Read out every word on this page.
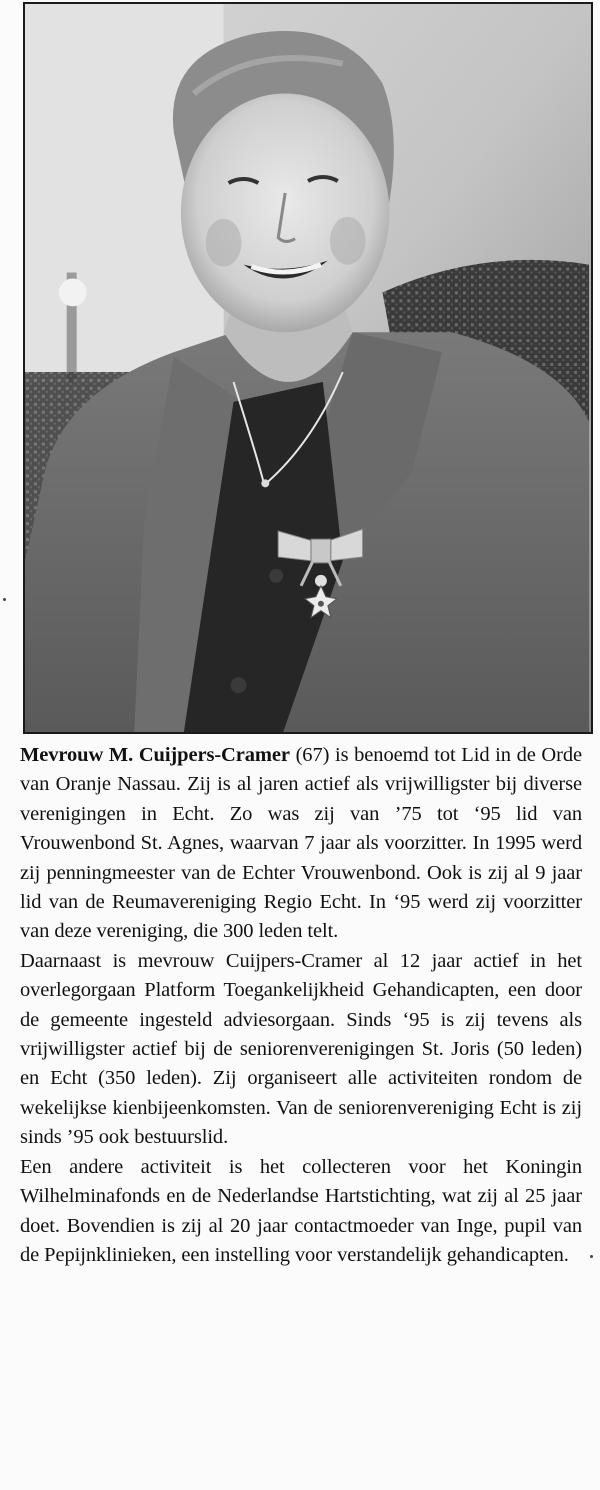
Mevrouw M. Cuijpers-Cramer (67) is benoemd tot Lid in de Orde van Oranje Nassau. Zij is al jaren actief als vrijwilligster bij diverse verenigingen in Echt. Zo was zij van ’75 tot ‘95 lid van Vrouwenbond St. Agnes, waarvan 7 jaar als voorzitter. In 1995 werd zij penningmeester van de Echter Vrouwenbond. Ook is zij al 9 jaar lid van de Reumavereniging Regio Echt. In ‘95 werd zij voorzitter van deze vereniging, die 300 leden telt.

Daarnaast is mevrouw Cuijpers-Cramer al 12 jaar actief in het overlegorgaan Platform Toegankelijkheid Gehandicapten, een door de gemeente ingesteld adviesorgaan. Sinds ‘95 is zij tevens als vrijwilligster actief bij de seniorenverenigingen St. Joris (50 leden) en Echt (350 leden). Zij organiseert alle activiteiten rondom de wekelijkse kienbijeenkomsten. Van de seniorenvereniging Echt is zij sinds ’95 ook bestuurslid.

Een andere activiteit is het collecteren voor het Koningin Wilhelminafonds en de Nederlandse Hartstichting, wat zij al 25 jaar doet. Bovendien is zij al 20 jaar contactmoeder van Inge, pupil van de Pepijnklinieken, een instelling voor verstandelijk gehandicapten.
